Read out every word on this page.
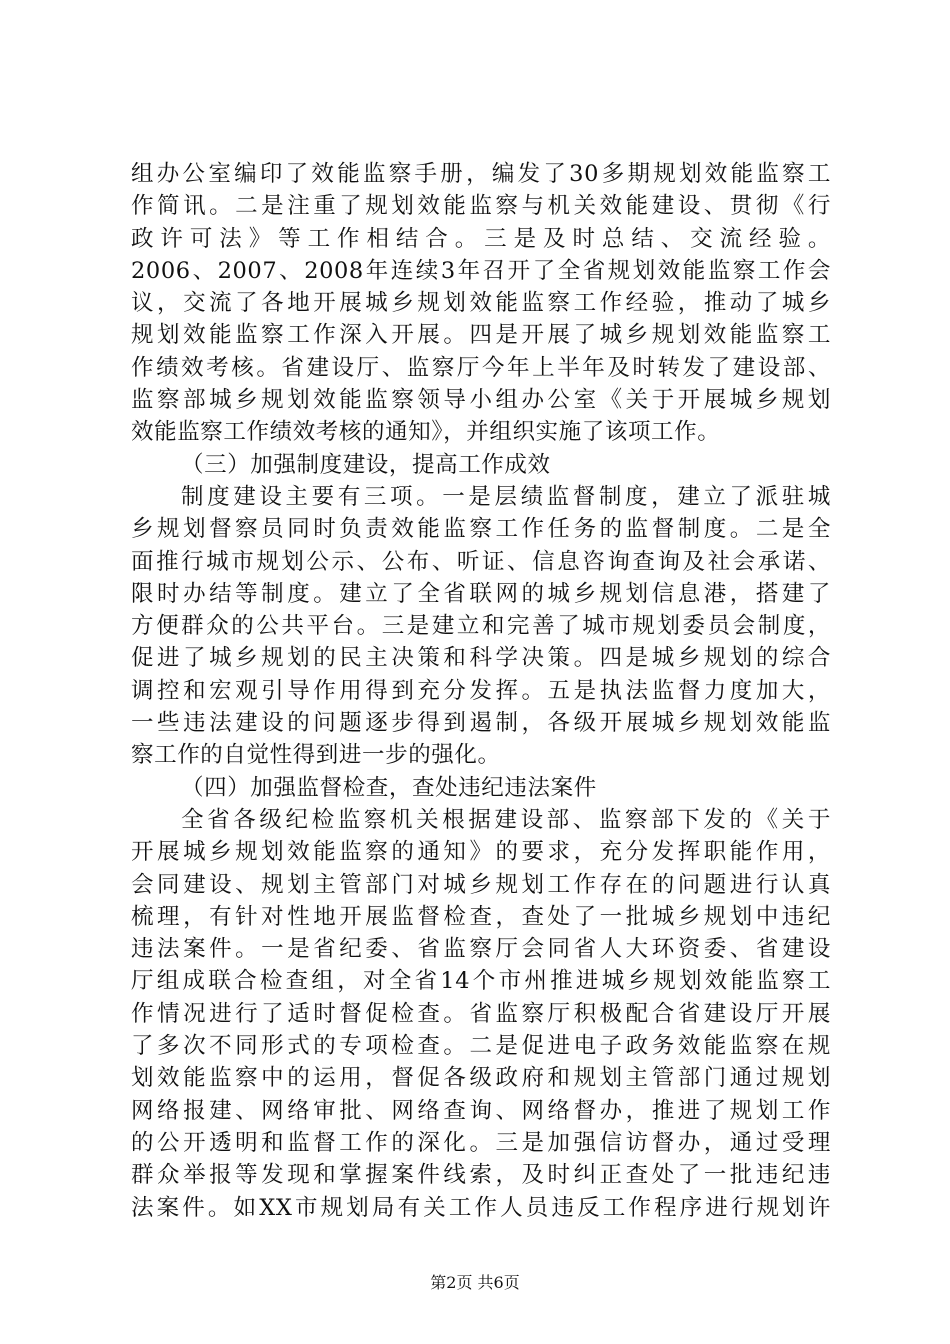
组办公室编印了效能监察手册，编发了30多期规划效能监察工
作简讯。二是注重了规划效能监察与机关效能建设、贯彻《行
政许可法》等工作相结合。三是及时总结、交流经验。
2006、2007、2008年连续3年召开了全省规划效能监察工作会
议，交流了各地开展城乡规划效能监察工作经验，推动了城乡
规划效能监察工作深入开展。四是开展了城乡规划效能监察工
作绩效考核。省建设厅、监察厅今年上半年及时转发了建设部、
监察部城乡规划效能监察领导小组办公室《关于开展城乡规划
效能监察工作绩效考核的通知》，并组织实施了该项工作。
（三）加强制度建设，提高工作成效
制度建设主要有三项。一是层绩监督制度，建立了派驻城
乡规划督察员同时负责效能监察工作任务的监督制度。二是全
面推行城市规划公示、公布、听证、信息咨询查询及社会承诺、
限时办结等制度。建立了全省联网的城乡规划信息港，搭建了
方便群众的公共平台。三是建立和完善了城市规划委员会制度，
促进了城乡规划的民主决策和科学决策。四是城乡规划的综合
调控和宏观引导作用得到充分发挥。五是执法监督力度加大，
一些违法建设的问题逐步得到遏制，各级开展城乡规划效能监
察工作的自觉性得到进一步的强化。
（四）加强监督检查，查处违纪违法案件
全省各级纪检监察机关根据建设部、监察部下发的《关于
开展城乡规划效能监察的通知》的要求，充分发挥职能作用，
会同建设、规划主管部门对城乡规划工作存在的问题进行认真
梳理，有针对性地开展监督检查，查处了一批城乡规划中违纪
违法案件。一是省纪委、省监察厅会同省人大环资委、省建设
厅组成联合检查组，对全省14个市州推进城乡规划效能监察工
作情况进行了适时督促检查。省监察厅积极配合省建设厅开展
了多次不同形式的专项检查。二是促进电子政务效能监察在规
划效能监察中的运用，督促各级政府和规划主管部门通过规划
网络报建、网络审批、网络查询、网络督办，推进了规划工作
的公开透明和监督工作的深化。三是加强信访督办，通过受理
群众举报等发现和掌握案件线索，及时纠正查处了一批违纪违
法案件。如XX市规划局有关工作人员违反工作程序进行规划许
第2页 共6页
